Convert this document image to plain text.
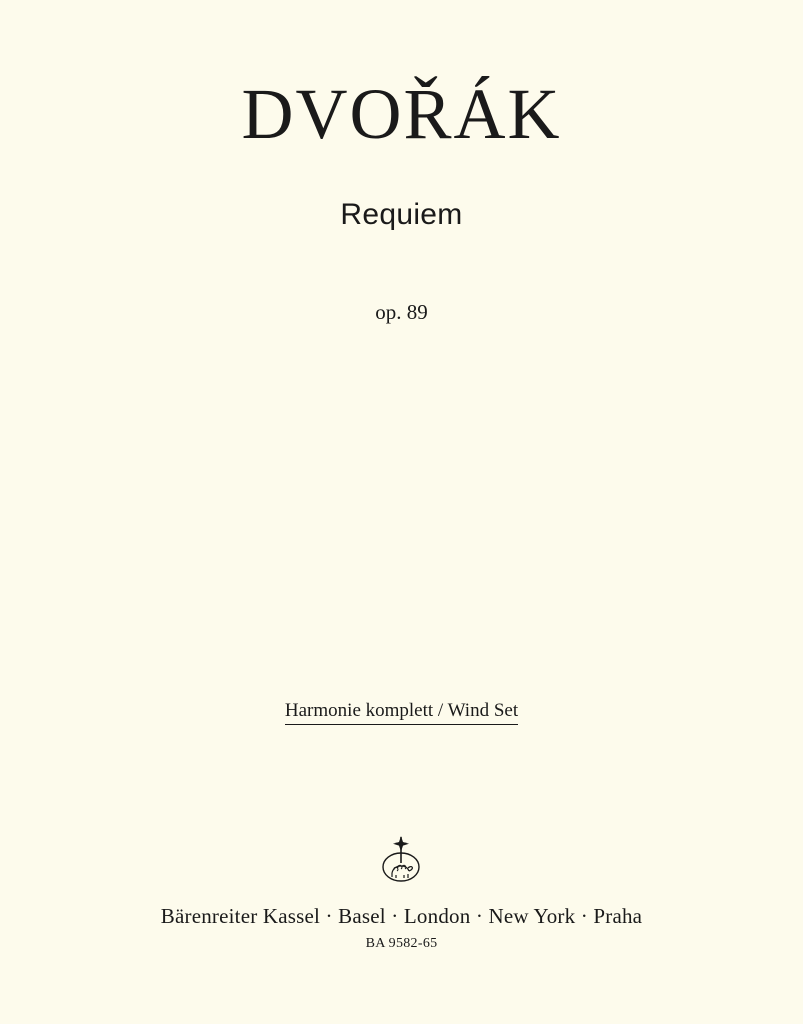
DVOŘÁK
Requiem
op. 89
Harmonie komplett / Wind Set
Bärenreiter Kassel · Basel · London · New York · Praha
BA 9582-65
